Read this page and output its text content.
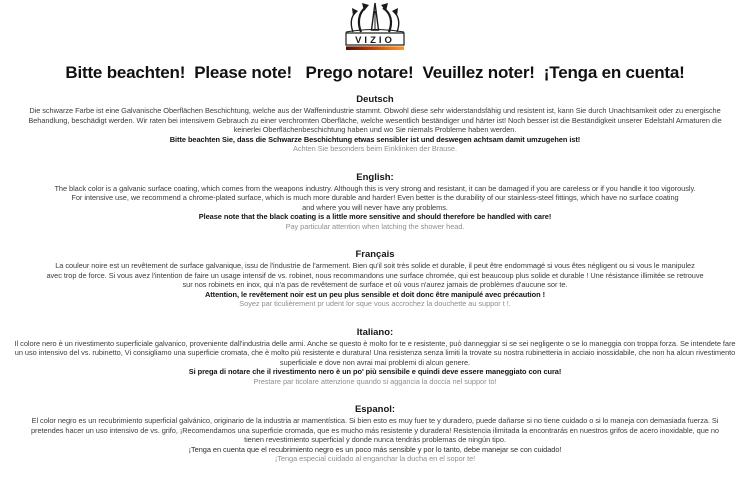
VIZIO
Bitte beachten!  Please note!   Prego notare!  Veuillez noter!  ¡Tenga en cuenta!
Deutsch

Die schwarze Farbe ist eine Galvanische Oberflächen Beschichtung, welche aus der Waffenindustrie stammt. Obwohl diese sehr widerstandsfähig und resistent ist, kann Sie durch Unachtsamkeit oder zu energische

Behandlung, beschädigt werden. Wir raten bei intensivem Gebrauch zu einer verchromten Oberfläche, welche wesentlich beständiger und härter ist! Noch besser ist die Beständigkeit unserer Edelstahl Armaturen die

keinerlei Oberflächenbeschichtung haben und wo Sie niemals Probleme haben werden.

Bitte beachten Sie, dass die Schwarze Beschichtung etwas sensibler ist und deswegen achtsam damit umzugehen ist!

Achten Sie besonders beim Einklinken der Brause.

English:

The black color is a galvanic surface coating, which comes from the weapons industry. Although this is very strong and resistant, it can be damaged if you are careless or if you handle it too vigorously.

For intensive use, we recommend a chrome-plated surface, which is much more durable and harder! Even better is the durability of our stainless-steel fittings, which have no surface coating

and where you will never have any problems.

Please note that the black coating is a little more sensitive and should therefore be handled with care!

Pay particular attention when latching the shower head.

Français

La couleur noire est un revêtement de surface galvanique, issu de l'industrie de l'armement. Bien qu'il soit très solide et durable, il peut être endommagé si vous êtes négligent ou si vous le manipulez

avec trop de force. Si vous avez l'intention de faire un usage intensif de vs. robinet, nous recommandons une surface chromée, qui est beaucoup plus solide et durable ! Une résistance illimitée se retrouve

sur nos robinets en inox, qui n'a pas de revêtement de surface et où vous n'aurez jamais de problèmes d'aucune sor te.

Attention, le revêtement noir est un peu plus sensible et doit donc être manipulé avec précaution !

Soyez par ticulièrement pr udent lor sque vous accrochez la douchette au suppor t !.

Italiano:

Il colore nero è un rivestimento superficiale galvanico, proveniente dall'industria delle armi. Anche se questo è molto for te e resistente, può danneggiar si se sei negligente o se lo maneggia con troppa forza. Se intendete fare

un uso intensivo del vs. rubinetto, Vi consigliamo una superficie cromata, che è molto più resistente e duratura! Una resistenza senza limiti la trovate su nostra rubinetteria in acciaio inossidabile, che non ha alcun rivestimento

superficiale e dove non avrai mai problemi di alcun genere.

Si prega di notare che il rivestimento nero è un po' più sensibile e quindi deve essere maneggiato con cura!

Prestare par ticolare attenzione quando si aggancia la doccia nel suppor to!

Espanol:

El color negro es un recubrimiento superficial galvánico, originario de la industria ar mamentística. Si bien esto es muy fuer te y duradero, puede dañarse si no tiene cuidado o si lo maneja con demasiada fuerza. Si

pretendes hacer un uso intensivo de vs. grifo, ¡Recomendamos una superficie cromada, que es mucho más resistente y duradera! Resistencia ilimitada la encontrarás en nuestros grifos de acero inoxidable, que no

tienen revestimiento superficial y donde nunca tendrás problemas de ningún tipo.

¡Tenga en cuenta que el recubrimiento negro es un poco más sensible y por lo tanto, debe manejar se con cuidado!

¡Tenga especial cuidado al enganchar la ducha en el sopor te!
